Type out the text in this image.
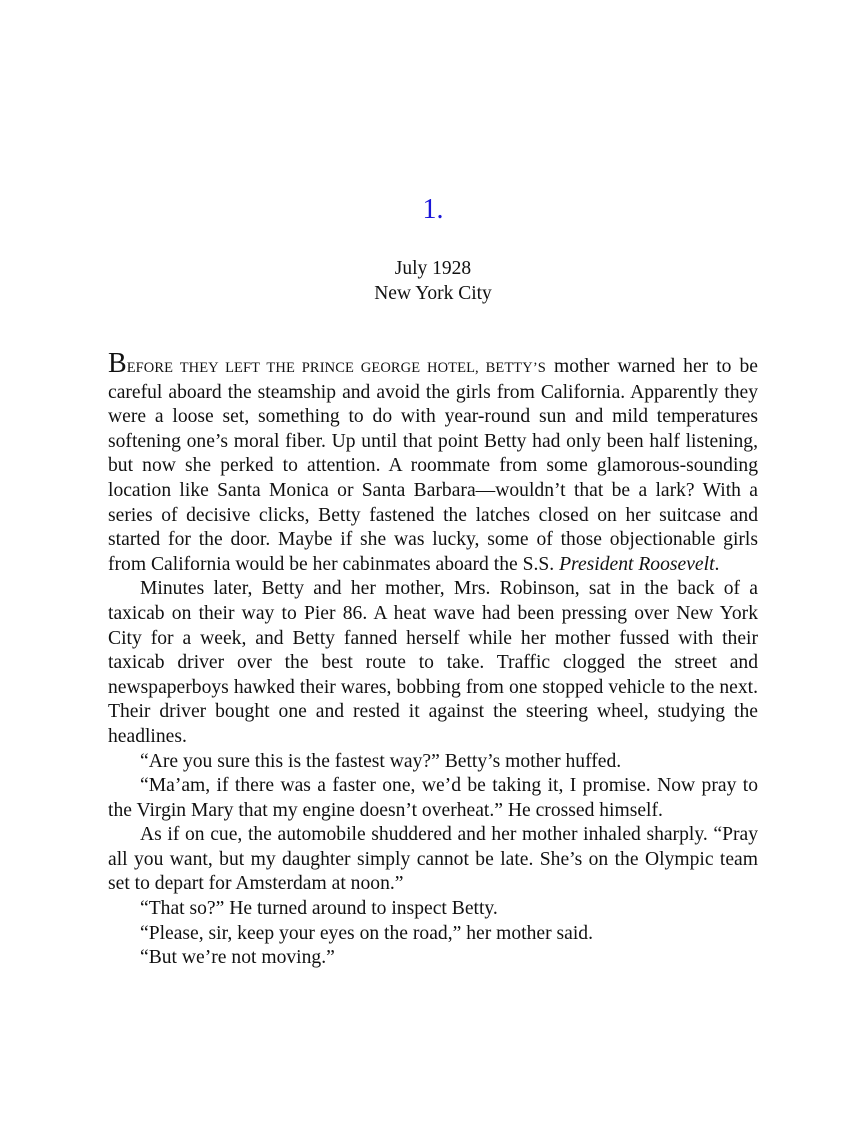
1.
July 1928
New York City

BEFORE THEY LEFT THE PRINCE GEORGE HOTEL, BETTY’S mother warned her to be careful aboard the steamship and avoid the girls from California. Apparently they were a loose set, something to do with year-round sun and mild temperatures softening one’s moral fiber. Up until that point Betty had only been half listening, but now she perked to attention. A roommate from some glamorous-sounding location like Santa Monica or Santa Barbara—wouldn’t that be a lark? With a series of decisive clicks, Betty fastened the latches closed on her suitcase and started for the door. Maybe if she was lucky, some of those objectionable girls from California would be her cabinmates aboard the S.S. President Roosevelt.

Minutes later, Betty and her mother, Mrs. Robinson, sat in the back of a taxicab on their way to Pier 86. A heat wave had been pressing over New York City for a week, and Betty fanned herself while her mother fussed with their taxicab driver over the best route to take. Traffic clogged the street and newspaperboys hawked their wares, bobbing from one stopped vehicle to the next. Their driver bought one and rested it against the steering wheel, studying the headlines.

“Are you sure this is the fastest way?” Betty’s mother huffed.

“Ma’am, if there was a faster one, we’d be taking it, I promise. Now pray to the Virgin Mary that my engine doesn’t overheat.” He crossed himself.

As if on cue, the automobile shuddered and her mother inhaled sharply. “Pray all you want, but my daughter simply cannot be late. She’s on the Olympic team set to depart for Amsterdam at noon.”

“That so?” He turned around to inspect Betty.

“Please, sir, keep your eyes on the road,” her mother said.

“But we’re not moving.”
